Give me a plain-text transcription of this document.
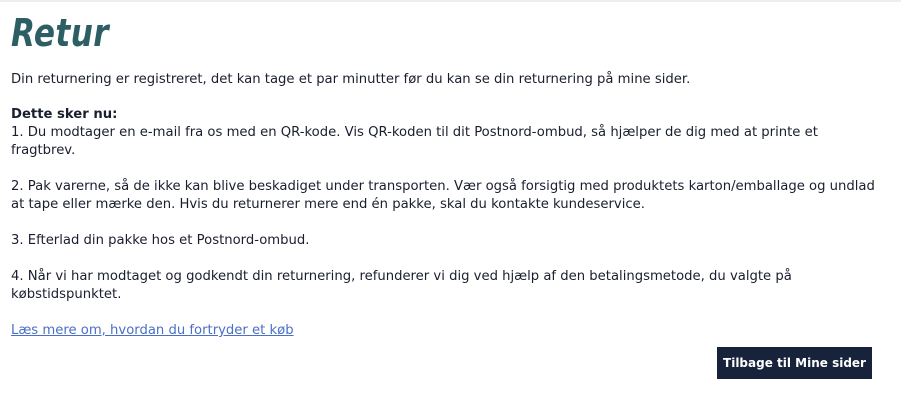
Retur

Din returnering er registreret, det kan tage et par minutter før du kan se din returnering på mine sider.

Dette sker nu:

1. Du modtager en e-mail fra os med en QR-kode. Vis QR-koden til dit Postnord-ombud, så hjælper de dig med at printe et fragtbrev.

2. Pak varerne, så de ikke kan blive beskadiget under transporten. Vær også forsigtig med produktets karton/emballage og undlad at tape eller mærke den. Hvis du returnerer mere end én pakke, skal du kontakte kundeservice.

3. Efterlad din pakke hos et Postnord-ombud.

4. Når vi har modtaget og godkendt din returnering, refunderer vi dig ved hjælp af den betalingsmetode, du valgte på købstidspunktet.

Læs mere om, hvordan du fortryder et køb
Tilbage til Mine sider
